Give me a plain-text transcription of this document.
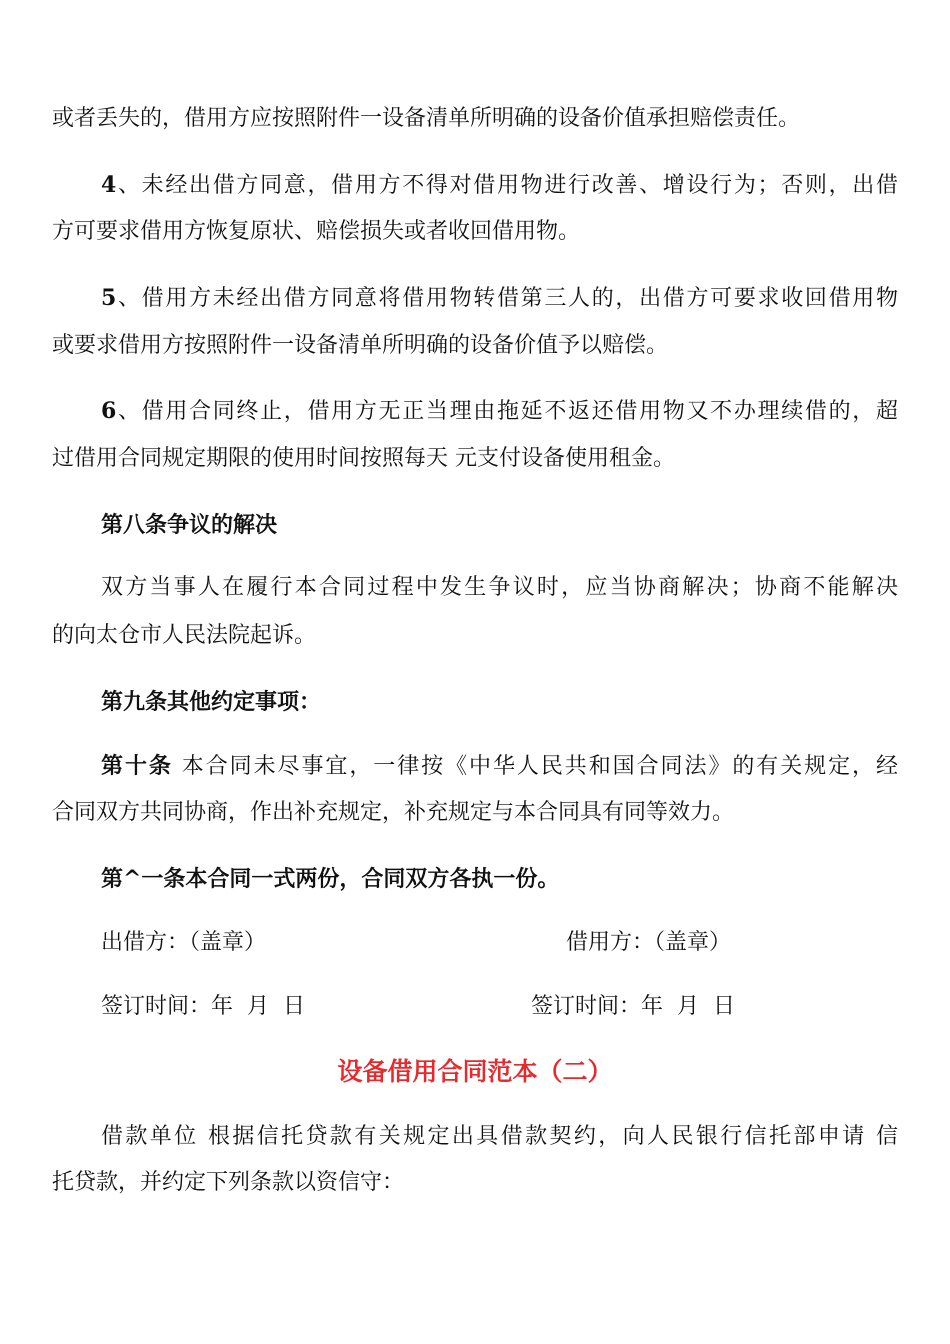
或者丢失的，借用方应按照附件一设备清单所明确的设备价值承担赔偿责任。
4、未经出借方同意，借用方不得对借用物进行改善、增设行为；否则，出借
方可要求借用方恢复原状、赔偿损失或者收回借用物。
5、借用方未经出借方同意将借用物转借第三人的，出借方可要求收回借用物
或要求借用方按照附件一设备清单所明确的设备价值予以赔偿。
6、借用合同终止，借用方无正当理由拖延不返还借用物又不办理续借的，超
过借用合同规定期限的使用时间按照每天 元支付设备使用租金。
第八条争议的解决
双方当事人在履行本合同过程中发生争议时，应当协商解决；协商不能解决
的向太仓市人民法院起诉。
第九条其他约定事项：
第十条 本合同未尽事宜，一律按《中华人民共和国合同法》的有关规定，经
合同双方共同协商，作出补充规定，补充规定与本合同具有同等效力。
第^一条本合同一式两份，合同双方各执一份。
出借方：（盖章）	借用方：（盖章）
签订时间：年  月  日	签订时间：年  月  日
设备借用合同范本（二）
借款单位 根据信托贷款有关规定出具借款契约，向人民银行信托部申请 信
托贷款，并约定下列条款以资信守：
